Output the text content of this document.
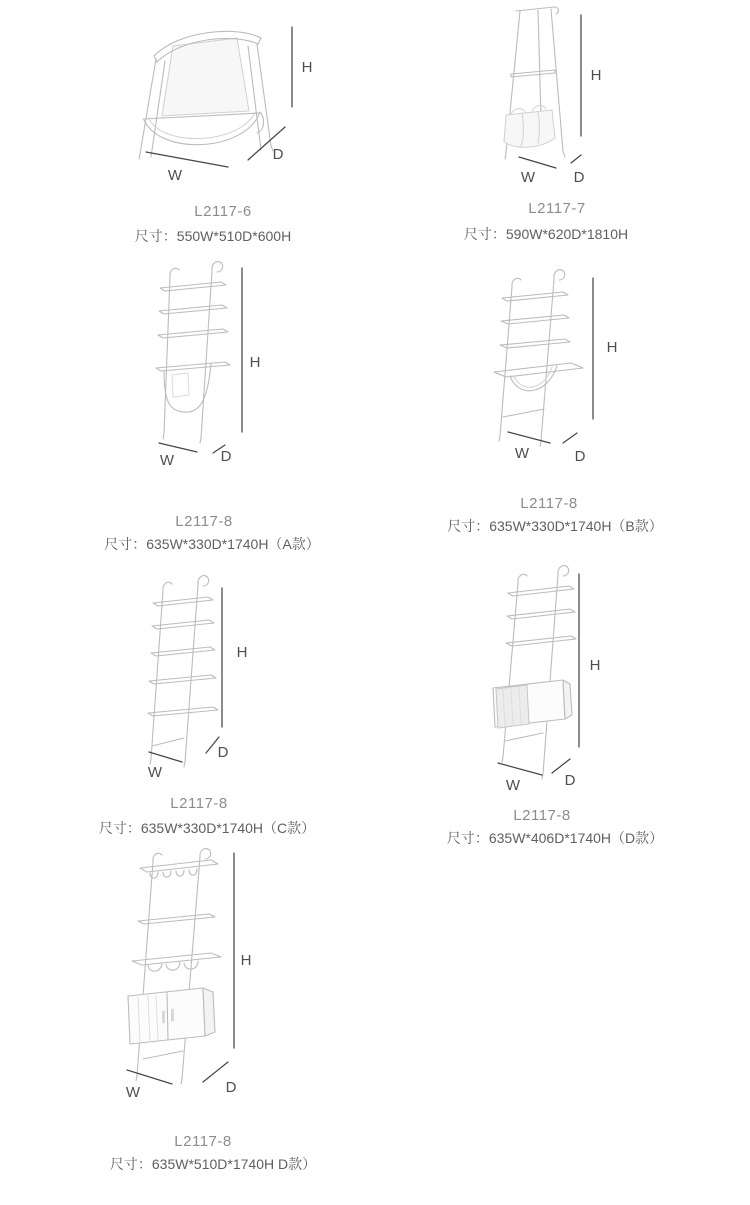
H
W
D
L2117-6
尺寸：550W*510D*600H
H
W	D
L2117-7
尺寸：590W*620D*1810H
H
W	D
L2117-8
尺寸：635W*330D*1740H（A款）
H
W	D
L2117-8
尺寸：635W*330D*1740H（B款）
H
W
D
L2117-8
尺寸：635W*330D*1740H（C款）
H
W	D
L2117-8
尺寸：635W*406D*1740H（D款）
H
W	D
L2117-8
尺寸：635W*510D*1740H D款）
